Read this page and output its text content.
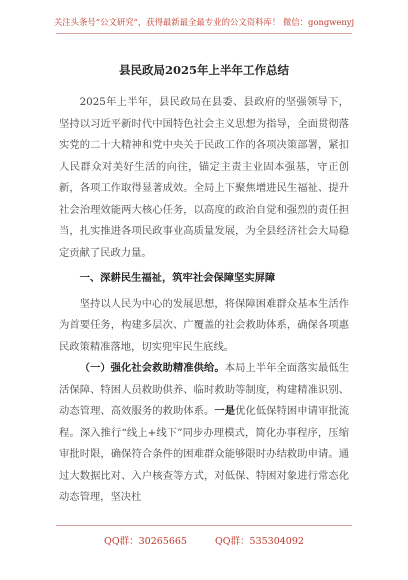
关注头条号“公文研究”，获得最新最全最专业的公文资料库！ 微信：gongwenyj
县民政局2025年上半年工作总结

2025年上半年，县民政局在县委、县政府的坚强领导下，坚持以习近平新时代中国特色社会主义思想为指导，全面贯彻落实党的二十大精神和党中央关于民政工作的各项决策部署，紧扣人民群众对美好生活的向往，锚定主责主业固本强基，守正创新，各项工作取得显著成效。全局上下聚焦增进民生福祉、提升社会治理效能两大核心任务，以高度的政治自觉和强烈的责任担当，扎实推进各项民政事业高质量发展，为全县经济社会大局稳定贡献了民政力量。

一、深耕民生福祉，筑牢社会保障坚实屏障

坚持以人民为中心的发展思想，将保障困难群众基本生活作为首要任务，构建多层次、广覆盖的社会救助体系，确保各项惠民政策精准落地，切实兜牢民生底线。

（一）强化社会救助精准供给。本局上半年全面落实最低生活保障、特困人员救助供养、临时救助等制度，构建精准识别、动态管理、高效服务的救助体系。一是优化低保特困申请审批流程。深入推行“线上+线下”同步办理模式，简化办事程序，压缩审批时限，确保符合条件的困难群众能够限时办结救助申请。通过大数据比对、入户核查等方式，对低保、特困对象进行常态化动态管理，坚决杜

QQ群：30265665	QQ群：535304092
